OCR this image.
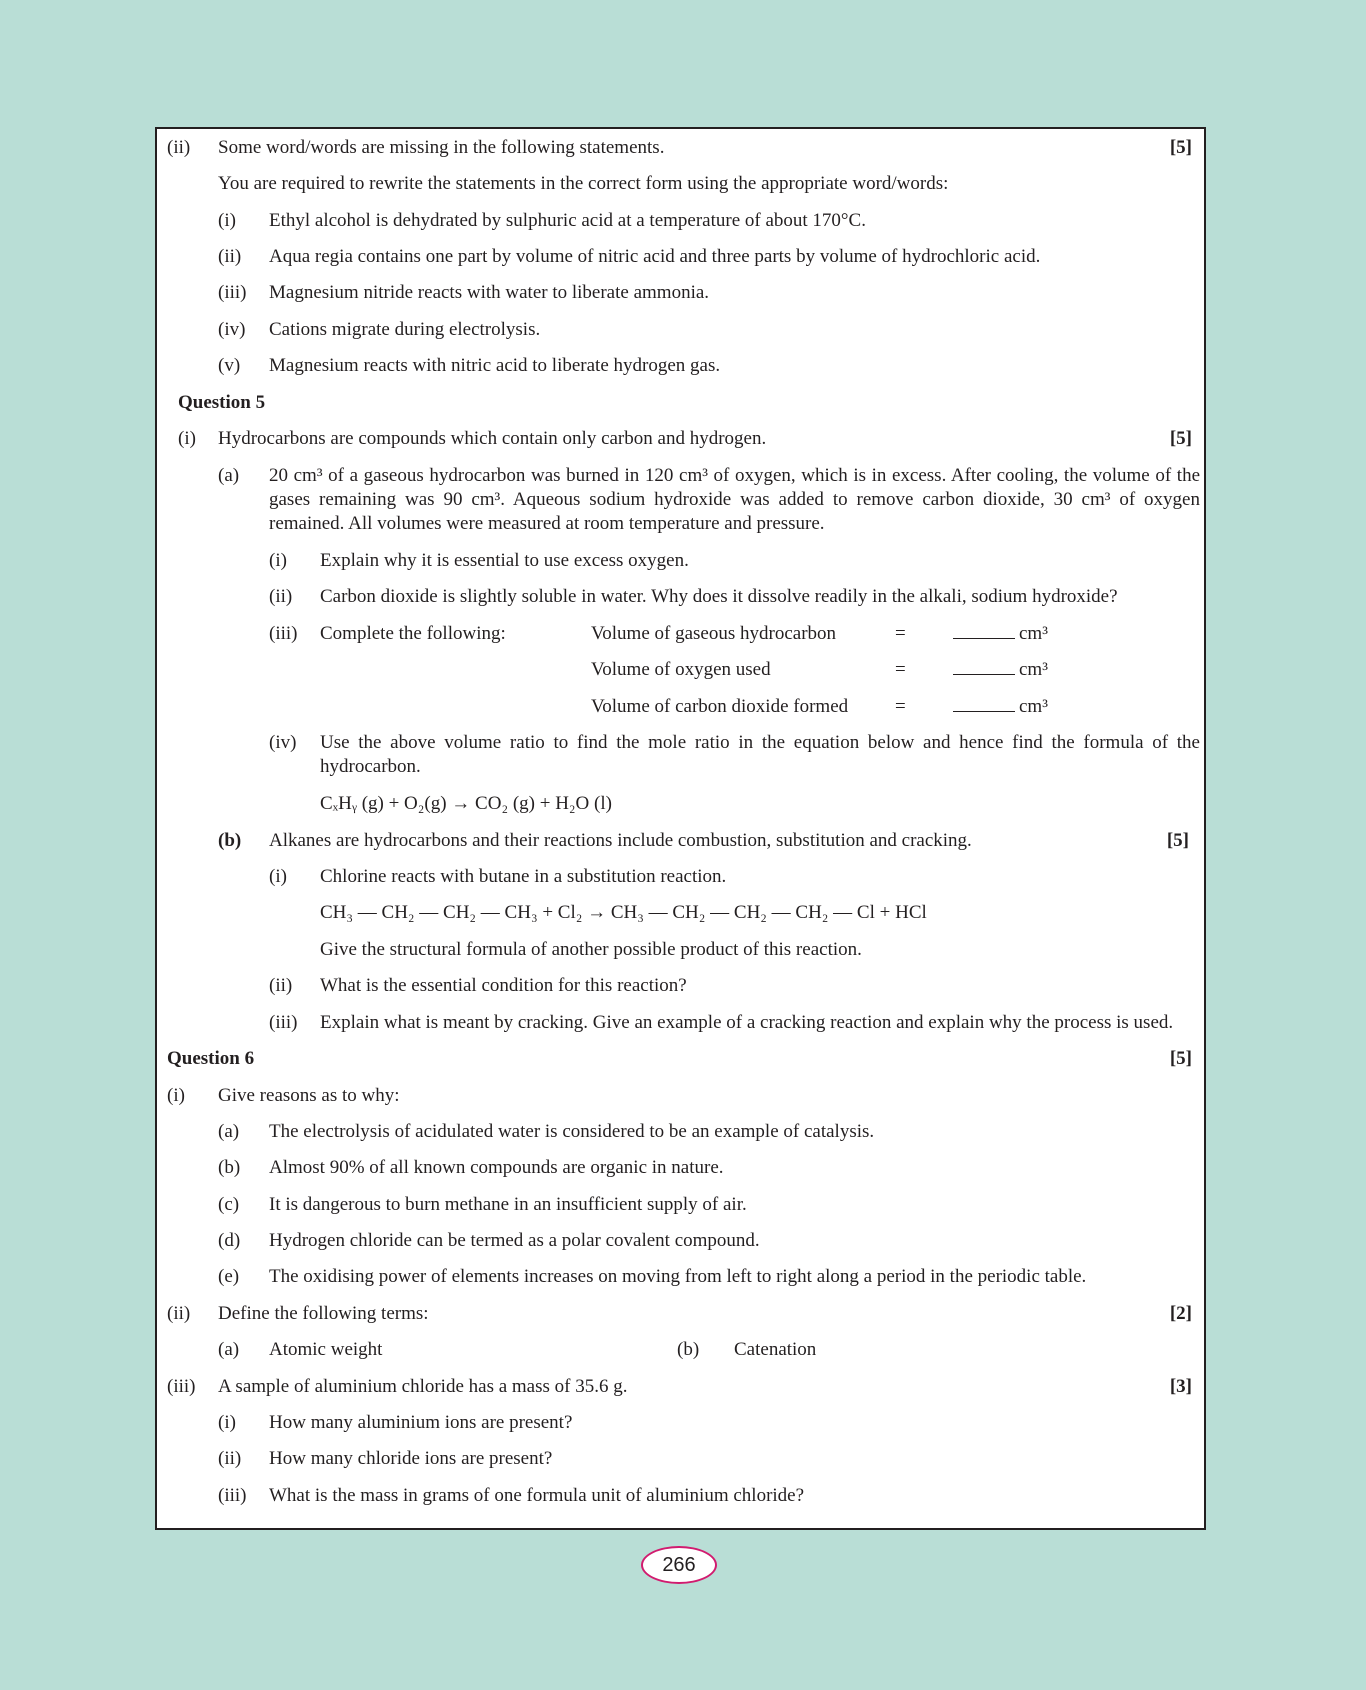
(ii) Some word/words are missing in the following statements.	[5]
You are required to rewrite the statements in the correct form using the appropriate word/words:
(i) Ethyl alcohol is dehydrated by sulphuric acid at a temperature of about 170°C.
(ii) Aqua regia contains one part by volume of nitric acid and three parts by volume of hydrochloric acid.
(iii) Magnesium nitride reacts with water to liberate ammonia.
(iv) Cations migrate during electrolysis.
(v) Magnesium reacts with nitric acid to liberate hydrogen gas.
Question 5
(i) Hydrocarbons are compounds which contain only carbon and hydrogen.	[5]
(a) 20 cm³ of a gaseous hydrocarbon was burned in 120 cm³ of oxygen, which is in excess. After cooling, the volume of the gases remaining was 90 cm³. Aqueous sodium hydroxide was added to remove carbon dioxide, 30 cm³ of oxygen remained. All volumes were measured at room temperature and pressure.
(i) Explain why it is essential to use excess oxygen.
(ii) Carbon dioxide is slightly soluble in water. Why does it dissolve readily in the alkali, sodium hydroxide?
(iii) Complete the following:	Volume of gaseous hydrocarbon	=	cm³
Volume of oxygen used	=	cm³
Volume of carbon dioxide formed =	cm³
(iv) Use the above volume ratio to find the mole ratio in the equation below and hence find the formula of the hydrocarbon.
CₓHᵧ (g) + O₂(g) → CO₂ (g) + H₂O (l)
(b) Alkanes are hydrocarbons and their reactions include combustion, substitution and cracking.	[5]
(i) Chlorine reacts with butane in a substitution reaction.
CH₃ — CH₂ — CH₂ — CH₃ + Cl₂ → CH₃ — CH₂ — CH₂ — CH₂ — Cl + HCl
Give the structural formula of another possible product of this reaction.
(ii) What is the essential condition for this reaction?
(iii) Explain what is meant by cracking. Give an example of a cracking reaction and explain why the process is used.
Question 6	[5]
(i) Give reasons as to why:
(a) The electrolysis of acidulated water is considered to be an example of catalysis.
(b) Almost 90% of all known compounds are organic in nature.
(c) It is dangerous to burn methane in an insufficient supply of air.
(d) Hydrogen chloride can be termed as a polar covalent compound.
(e) The oxidising power of elements increases on moving from left to right along a period in the periodic table.
(ii) Define the following terms:	[2]
(a) Atomic weight	(b) Catenation
(iii) A sample of aluminium chloride has a mass of 35.6 g.	[3]
(i) How many aluminium ions are present?
(ii) How many chloride ions are present?
(iii) What is the mass in grams of one formula unit of aluminium chloride?
266
